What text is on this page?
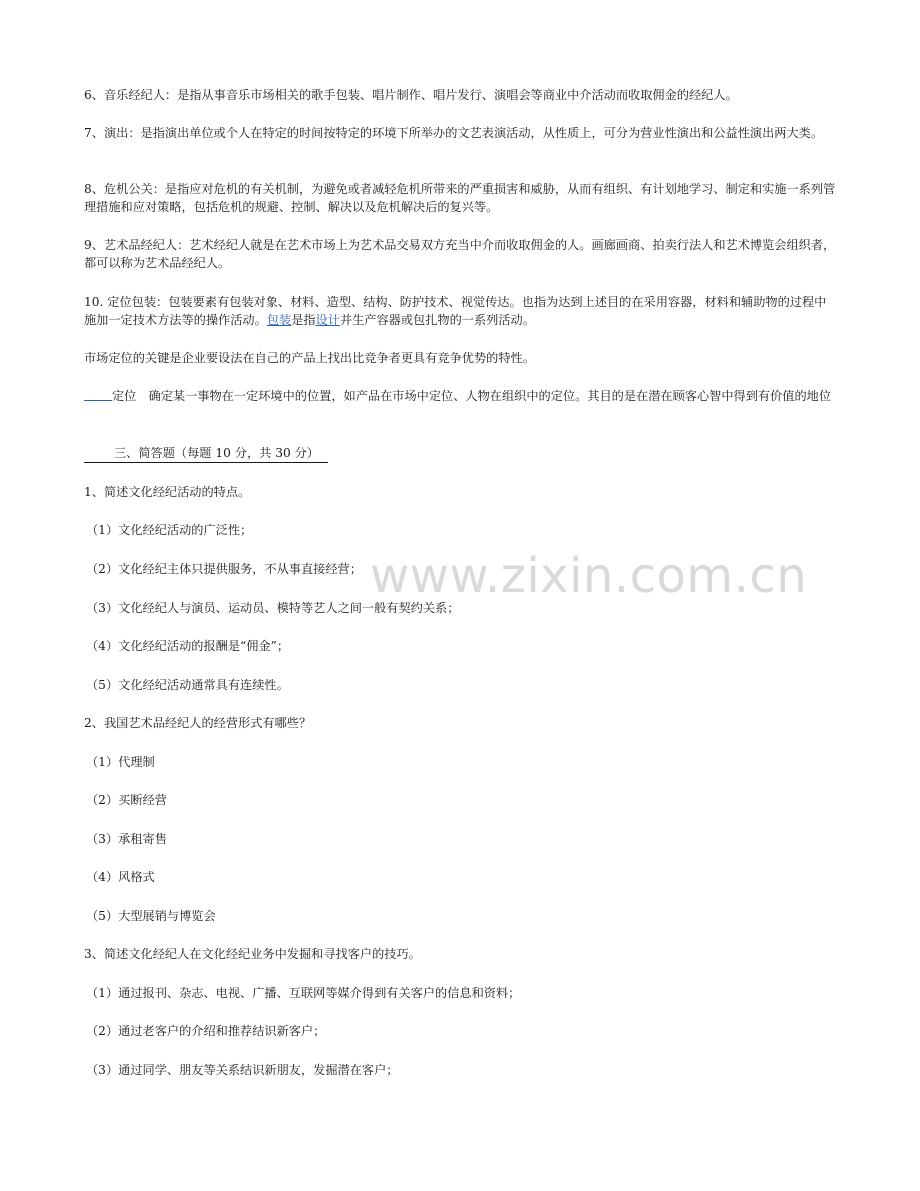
6、音乐经纪人：是指从事音乐市场相关的歌手包装、唱片制作、唱片发行、演唱会等商业中介活动而收取佣金的经纪人。

7、演出：是指演出单位或个人在特定的时间按特定的环境下所举办的文艺表演活动，从性质上，可分为营业性演出和公益性演出两大类。

8、危机公关：是指应对危机的有关机制，为避免或者减轻危机所带来的严重损害和威胁，从而有组织、有计划地学习、制定和实施一系列管理措施和应对策略，包括危机的规避、控制、解决以及危机解决后的复兴等。

9、艺术品经纪人：艺术经纪人就是在艺术市场上为艺术品交易双方充当中介而收取佣金的人。画廊画商、拍卖行法人和艺术博览会组织者，都可以称为艺术品经纪人。

10. 定位包装：包装要素有包装对象、材料、造型、结构、防护技术、视觉传达。也指为达到上述目的在采用容器，材料和辅助物的过程中施加一定技术方法等的操作活动。包装是指设计并生产容器或包扎物的一系列活动。

市场定位的关键是企业要设法在自己的产品上找出比竞争者更具有竞争优势的特性。

定位　确定某一事物在一定环境中的位置，如产品在市场中定位、人物在组织中的定位。其目的是在潜在顾客心智中得到有价值的地位

三、简答题（每题 10 分，共 30 分）

1、简述文化经纪活动的特点。

（1）文化经纪活动的广泛性；

（2）文化经纪主体只提供服务，不从事直接经营；

（3）文化经纪人与演员、运动员、模特等艺人之间一般有契约关系；

（4）文化经纪活动的报酬是“佣金”；

（5）文化经纪活动通常具有连续性。

2、我国艺术品经纪人的经营形式有哪些？

（1）代理制

（2）买断经营

（3）承租寄售

（4）风格式

（5）大型展销与博览会

3、简述文化经纪人在文化经纪业务中发掘和寻找客户的技巧。

（1）通过报刊、杂志、电视、广播、互联网等媒介得到有关客户的信息和资料；

（2）通过老客户的介绍和推荐结识新客户；

（3）通过同学、朋友等关系结识新朋友，发掘潜在客户；

www.zixin.com.cn
